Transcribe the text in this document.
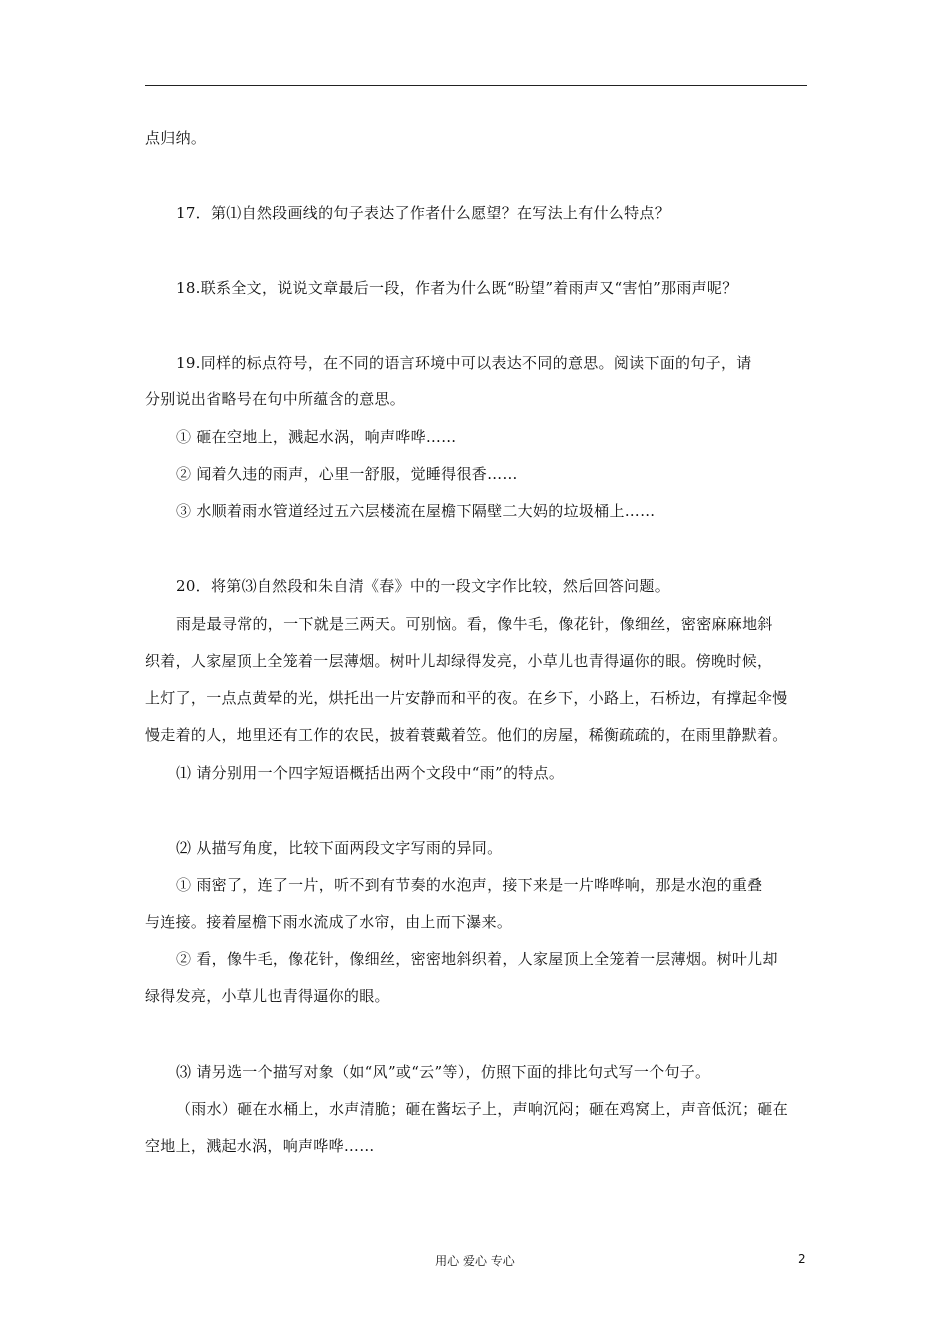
点归纳。
17．第⑴自然段画线的句子表达了作者什么愿望？在写法上有什么特点？
18.联系全文，说说文章最后一段，作者为什么既“盼望”着雨声又“害怕”那雨声呢？
19.同样的标点符号，在不同的语言环境中可以表达不同的意思。阅读下面的句子，请
分别说出省略号在句中所蕴含的意思。
① 砸在空地上，溅起水涡，响声哗哗……
② 闻着久违的雨声，心里一舒服，觉睡得很香……
③ 水顺着雨水管道经过五六层楼流在屋檐下隔壁二大妈的垃圾桶上……
20．将第⑶自然段和朱自清《春》中的一段文字作比较，然后回答问题。
雨是最寻常的，一下就是三两天。可别恼。看，像牛毛，像花针，像细丝，密密麻麻地斜
织着，人家屋顶上全笼着一层薄烟。树叶儿却绿得发亮，小草儿也青得逼你的眼。傍晚时候，
上灯了，一点点黄晕的光，烘托出一片安静而和平的夜。在乡下，小路上，石桥边，有撑起伞慢
慢走着的人，地里还有工作的农民，披着蓑戴着笠。他们的房屋，稀衡疏疏的，在雨里静默着。
⑴ 请分别用一个四字短语概括出两个文段中“雨”的特点。
⑵ 从描写角度，比较下面两段文字写雨的异同。
① 雨密了，连了一片，听不到有节奏的水泡声，接下来是一片哗哗响，那是水泡的重叠
与连接。接着屋檐下雨水流成了水帘，由上而下瀑来。
② 看，像牛毛，像花针，像细丝，密密地斜织着，人家屋顶上全笼着一层薄烟。树叶儿却
绿得发亮，小草儿也青得逼你的眼。
⑶ 请另选一个描写对象（如“风”或“云”等），仿照下面的排比句式写一个句子。
（雨水）砸在水桶上，水声清脆；砸在酱坛子上，声响沉闷；砸在鸡窝上，声音低沉；砸在
空地上，溅起水涡，响声哗哗……
用心 爱心 专心	2
